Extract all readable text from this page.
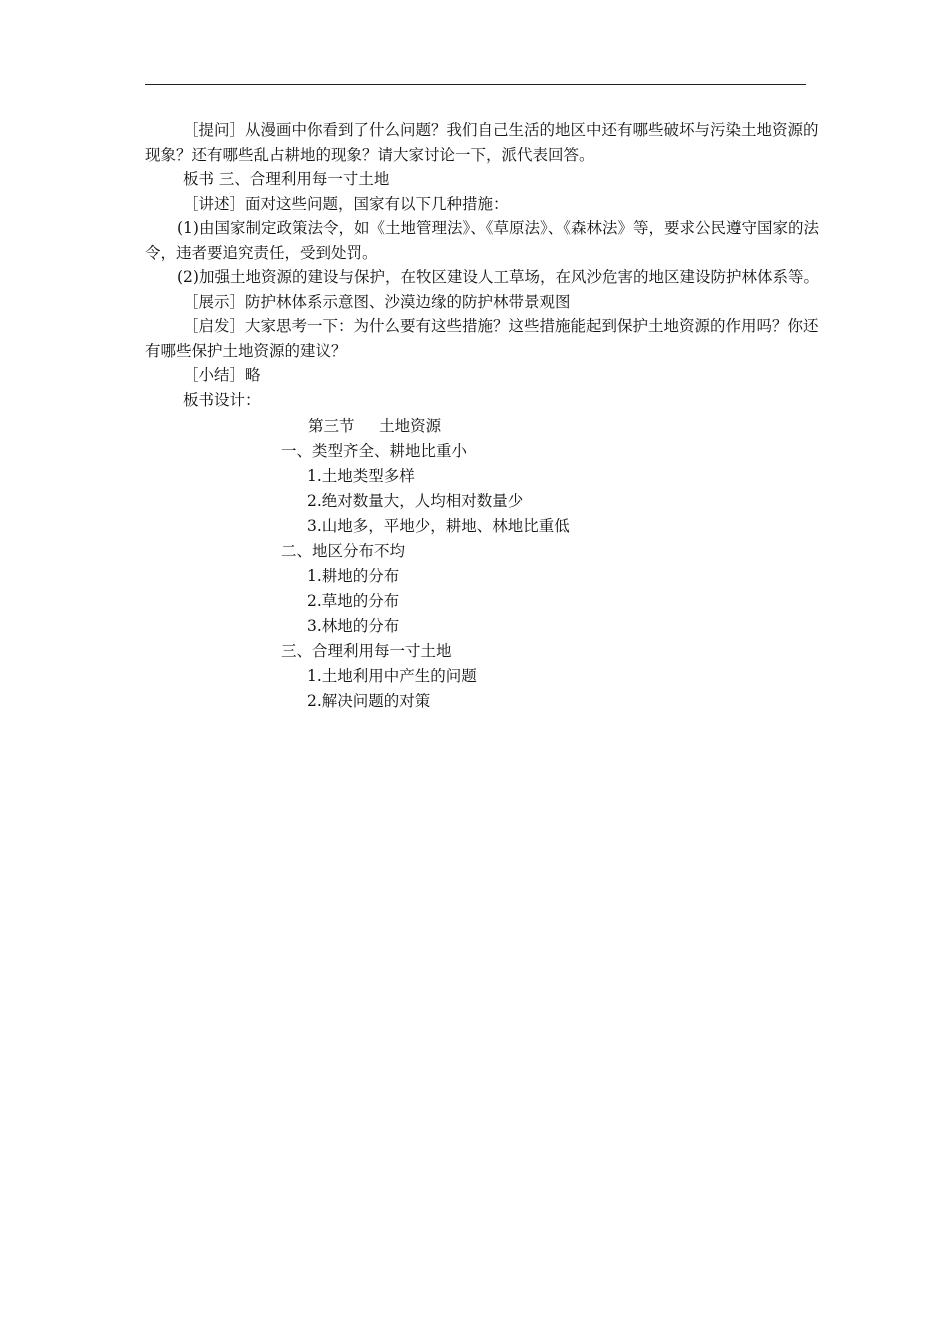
［提问］从漫画中你看到了什么问题？我们自己生活的地区中还有哪些破坏与污染土地资源的现象？还有哪些乱占耕地的现象？请大家讨论一下，派代表回答。

板书 三、合理利用每一寸土地

［讲述］面对这些问题，国家有以下几种措施：

(1)由国家制定政策法令，如《土地管理法》、《草原法》、《森林法》等，要求公民遵守国家的法令，违者要追究责任，受到处罚。

(2)加强土地资源的建设与保护，在牧区建设人工草场，在风沙危害的地区建设防护林体系等。

［展示］防护林体系示意图、沙漠边缘的防护林带景观图

［启发］大家思考一下：为什么要有这些措施？这些措施能起到保护土地资源的作用吗？你还有哪些保护土地资源的建议？

［小结］略

板书设计：

第三节     土地资源
一、类型齐全、耕地比重小
1.土地类型多样
2.绝对数量大，人均相对数量少
3.山地多，平地少，耕地、林地比重低
二、地区分布不均
1.耕地的分布
2.草地的分布
3.林地的分布
三、合理利用每一寸土地
1.土地利用中产生的问题
2.解决问题的对策
